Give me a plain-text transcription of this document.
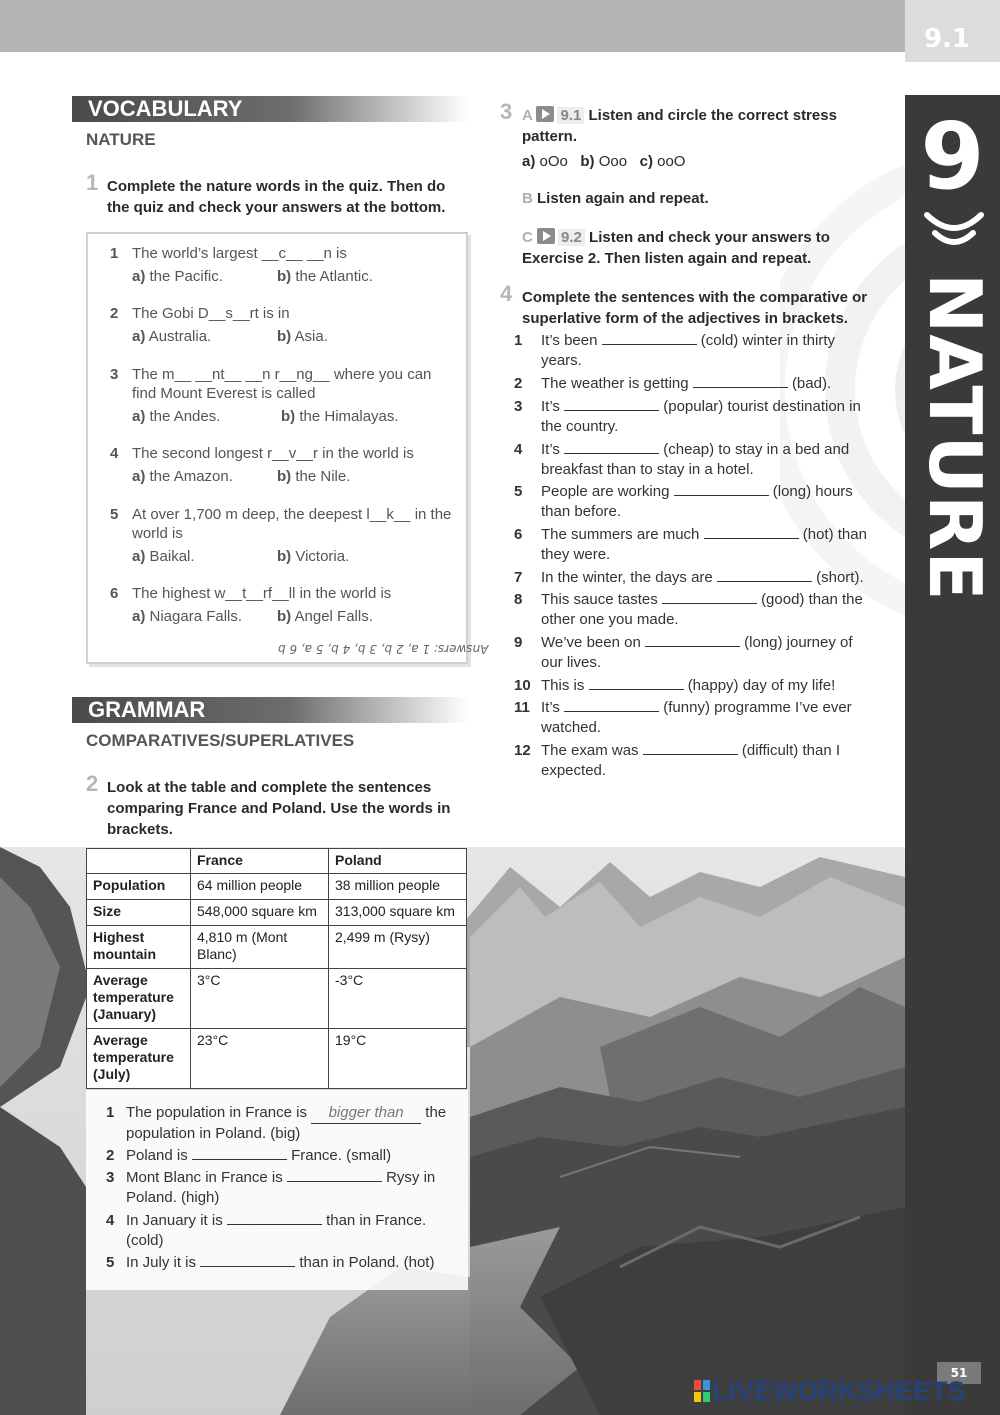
9.1
9
NATURE
VOCABULARY
NATURE
1 Complete the nature words in the quiz. Then do the quiz and check your answers at the bottom.
1 The world’s largest __c__ __n is
a) the Pacific.	b) the Atlantic.
2 The Gobi D__s__rt is in
a) Australia.	b) Asia.
3 The m__ __nt__ __n r__ng__ where you can find Mount Everest is called
a) the Andes.	b) the Himalayas.
4 The second longest r__v__r in the world is
a) the Amazon.	b) the Nile.
5 At over 1,700 m deep, the deepest l__k__ in the world is
a) Baikal.	b) Victoria.
6 The highest w__t__rf__ll in the world is
a) Niagara Falls. b) Angel Falls.
Answers: 1 a, 2 b, 3 b, 4 b, 5 a, 6 b
GRAMMAR
COMPARATIVES/SUPERLATIVES
2 Look at the table and complete the sentences comparing France and Poland. Use the words in brackets.
	France	Poland
Population	64 million people	38 million people
Size	548,000 square km	313,000 square km
Highest mountain	4,810 m (Mont Blanc)	2,499 m (Rysy)
Average temperature (January)	3°C	-3°C
Average temperature (July)	23°C	19°C
1 The population in France is bigger than the population in Poland. (big)
2 Poland is	France. (small)
3 Mont Blanc in France is	Rysy in Poland. (high)
4 In January it is	than in France. (cold)
5 In July it is	than in Poland. (hot)
3 A 9.1 Listen and circle the correct stress pattern.
a) oOo b) Ooo c) ooO
B Listen again and repeat.
C 9.2 Listen and check your answers to Exercise 2. Then listen again and repeat.
4 Complete the sentences with the comparative or superlative form of the adjectives in brackets.
1 It’s been	(cold) winter in thirty years.
2 The weather is getting	(bad).
3 It’s	(popular) tourist destination in the country.
4 It’s	(cheap) to stay in a bed and breakfast than to stay in a hotel.
5 People are working	(long) hours than before.
6 The summers are much	(hot) than they were.
7 In the winter, the days are	(short).
8 This sauce tastes	(good) than the other one you made.
9 We’ve been on	(long) journey of our lives.
10 This is	(happy) day of my life!
11 It’s	(funny) programme I’ve ever watched.
12 The exam was	(difficult) than I expected.
51
LIVEWORKSHEETS
